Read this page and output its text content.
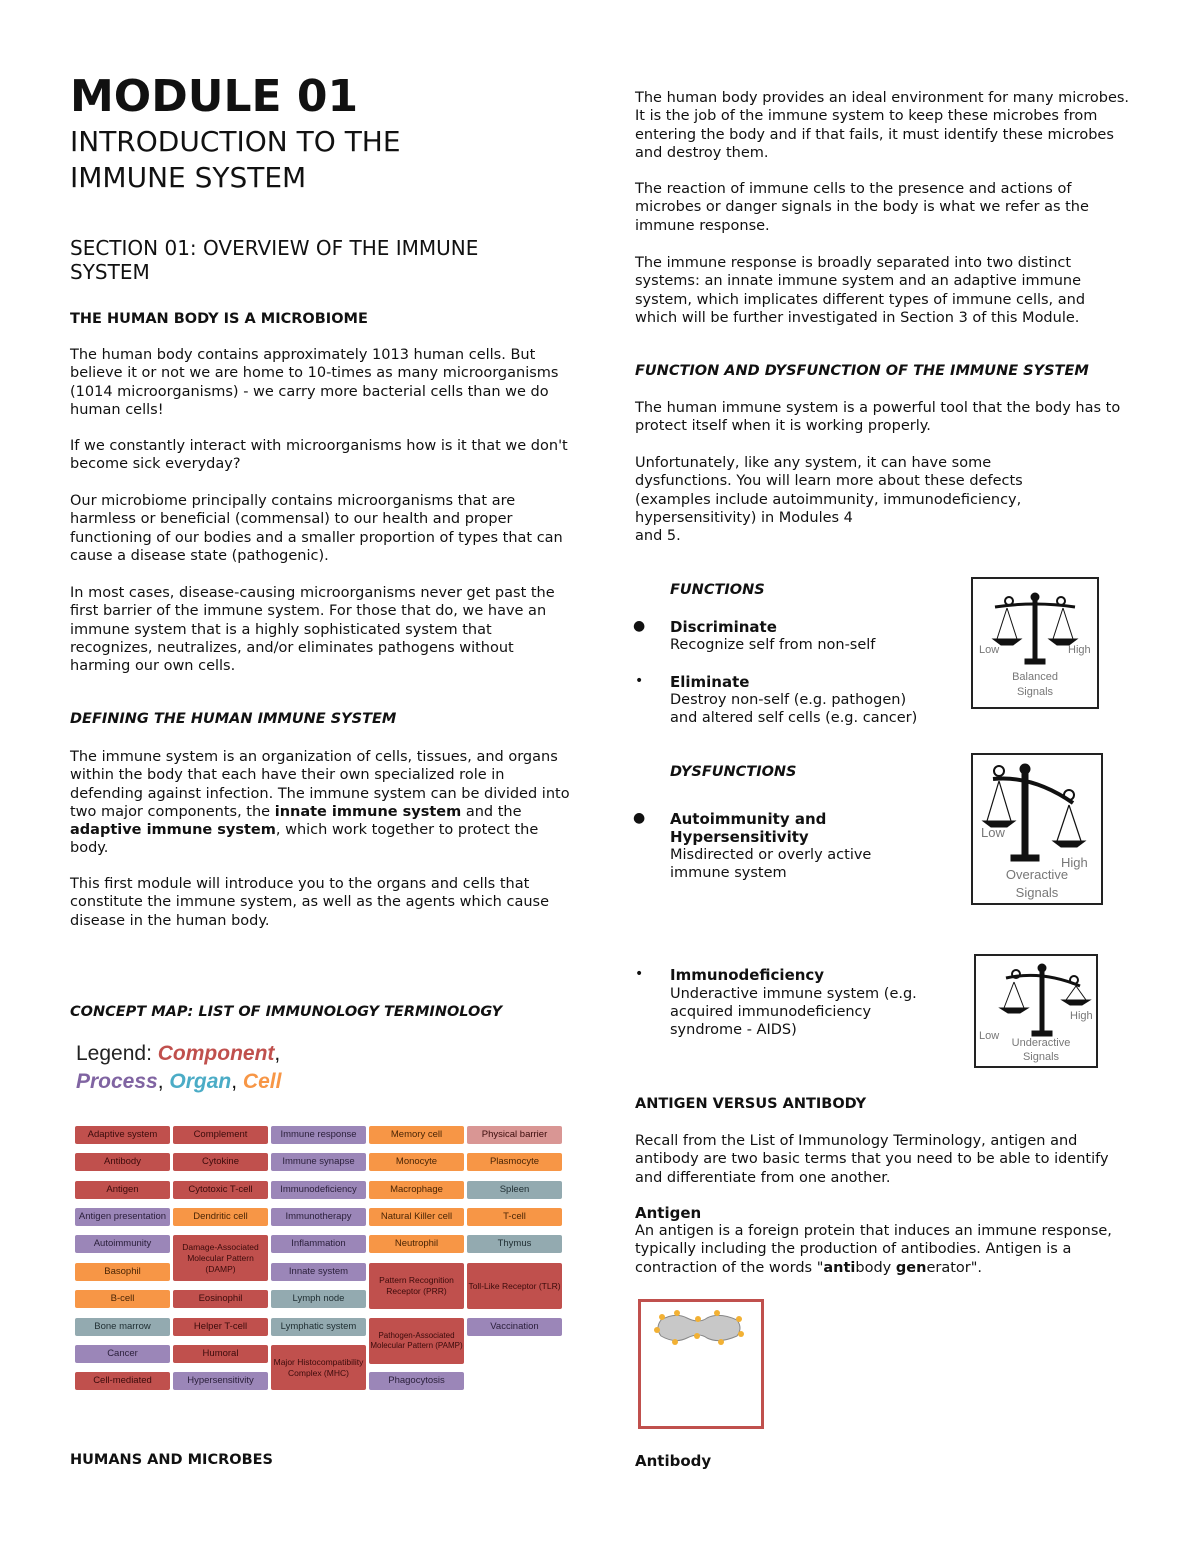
MODULE 01
INTRODUCTION TO THE
IMMUNE SYSTEM
SECTION 01: OVERVIEW OF THE IMMUNE
SYSTEM
THE HUMAN BODY IS A MICROBIOME

The human body contains approximately 1013 human cells. But believe it or not we are home to 10-times as many microorganisms (1014 microorganisms) - we carry more bacterial cells than we do human cells!

If we constantly interact with microorganisms how is it that we don't become sick everyday?

Our microbiome principally contains microorganisms that are harmless or beneficial (commensal) to our health and proper functioning of our bodies and a smaller proportion of types that can cause a disease state (pathogenic).

In most cases, disease-causing microorganisms never get past the first barrier of the immune system. For those that do, we have an immune system that is a highly sophisticated system that recognizes, neutralizes, and/or eliminates pathogens without harming our own cells.

DEFINING THE HUMAN IMMUNE SYSTEM

The immune system is an organization of cells, tissues, and organs within the body that each have their own specialized role in defending against infection. The immune system can be divided into two major components, the innate immune system and the adaptive immune system, which work together to protect the body.

This first module will introduce you to the organs and cells that constitute the immune system, as well as the agents which cause disease in the human body.

CONCEPT MAP: LIST OF IMMUNOLOGY TERMINOLOGY
Legend: Component,
Process, Organ, Cell
Adaptive system
Antibody
Antigen
Antigen presentation
Autoimmunity
Basophil
B-cell
Bone marrow
Cancer
Cell-mediated
Complement
Cytokine
Cytotoxic T-cell
Dendritic cell
Damage-Associated Molecular Pattern (DAMP)
Eosinophil
Helper T-cell
Humoral
Hypersensitivity
Immune response
Immune synapse
Immunodeficiency
Immunotherapy
Inflammation
Innate system
Lymph node
Lymphatic system
Major Histocompatibility Complex (MHC)
Memory cell
Monocyte
Macrophage
Natural Killer cell
Neutrophil
Pattern Recognition Receptor (PRR)
Pathogen-Associated Molecular Pattern (PAMP)
Phagocytosis
Physical barrier
Plasmocyte
Spleen
T-cell
Thymus
Toll-Like Receptor (TLR)
Vaccination
HUMANS AND MICROBES

The human body provides an ideal environment for many microbes. It is the job of the immune system to keep these microbes from entering the body and if that fails, it must identify these microbes and destroy them.

The reaction of immune cells to the presence and actions of microbes or danger signals in the body is what we refer as the immune response.

The immune response is broadly separated into two distinct systems: an innate immune system and an adaptive immune system, which implicates different types of immune cells, and which will be further investigated in Section 3 of this Module.

FUNCTION AND DYSFUNCTION OF THE IMMUNE SYSTEM

The human immune system is a powerful tool that the body has to protect itself when it is working properly.

Unfortunately, like any system, it can have some dysfunctions. You will learn more about these defects (examples include autoimmunity, immunodeficiency, hypersensitivity) in Modules 4

and 5.

FUNCTIONS
● Discriminate
Recognize self from non-self
• Eliminate
Destroy non-self (e.g. pathogen)
and altered self cells (e.g. cancer)
DYSFUNCTIONS
● Autoimmunity and
Hypersensitivity
Misdirected or overly active
immune system
• Immunodeficiency
Underactive immune system (e.g.
acquired immunodeficiency
syndrome - AIDS)
Low	High
Balanced
Signals
Low
High
Overactive
Signals
Low
High
Underactive
Signals
ANTIGEN VERSUS ANTIBODY

Recall from the List of Immunology Terminology, antigen and antibody are two basic terms that you need to be able to identify and differentiate from one another.

Antigen

An antigen is a foreign protein that induces an immune response, typically including the production of antibodies. Antigen is a contraction of the words "antibody generator".

Antibody
